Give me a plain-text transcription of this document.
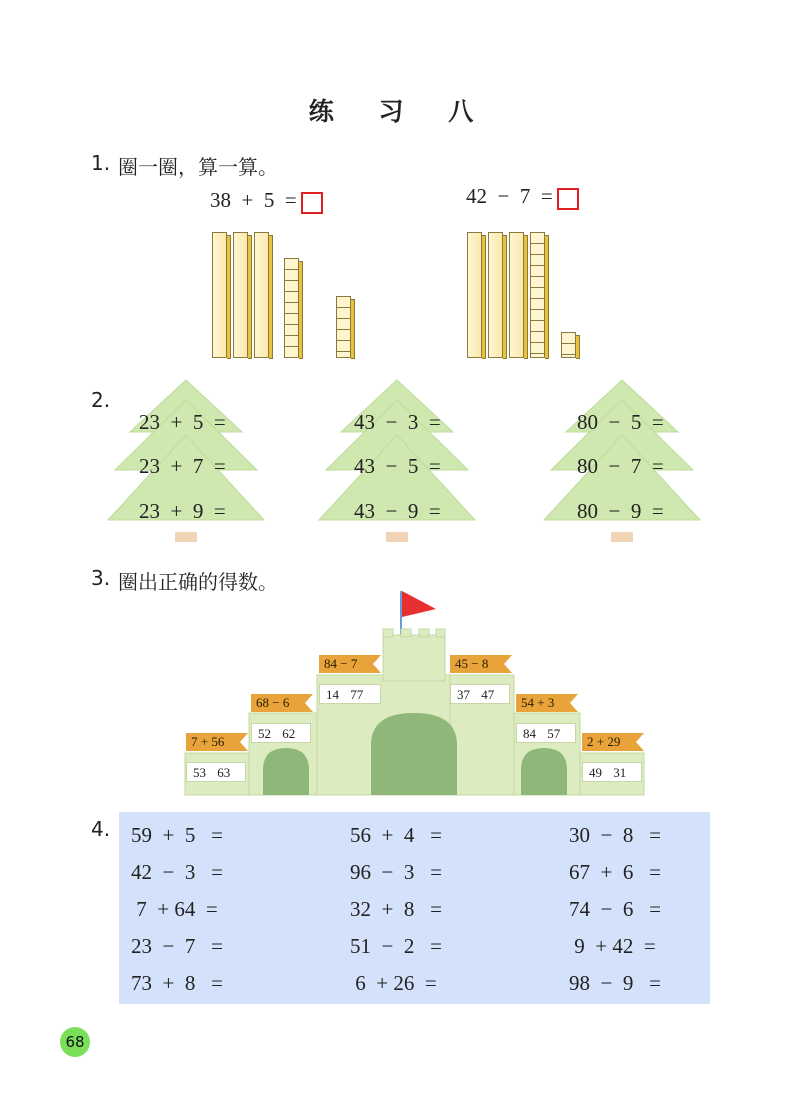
练 习 八
1. 圈一圈，算一算。
38  +  5  =	42  −  7  =
2.
23  +  5  =
23  +  7  =
23  +  9  =
43  −  3  =
43  −  5  =
43  −  9  =
80  −  5  =
80  −  7  =
80  −  9  =
3. 圈出正确的得数。
7 + 56
53 63
68 − 6
52 62
84 − 7
14 77
45 − 8
37 47
54 + 3
84 57
2 + 29
49 31
4. 59  +  5   =
42  −  3   =
7  + 64  =
23  −  7   =
73  +  8   =
56  +  4   =
96  −  3   =
32  +  8   =
51  −  2   =
6  + 26  =
30  −  8   =
67  +  6   =
74  −  6   =
9  + 42  =
98  −  9   =
68
